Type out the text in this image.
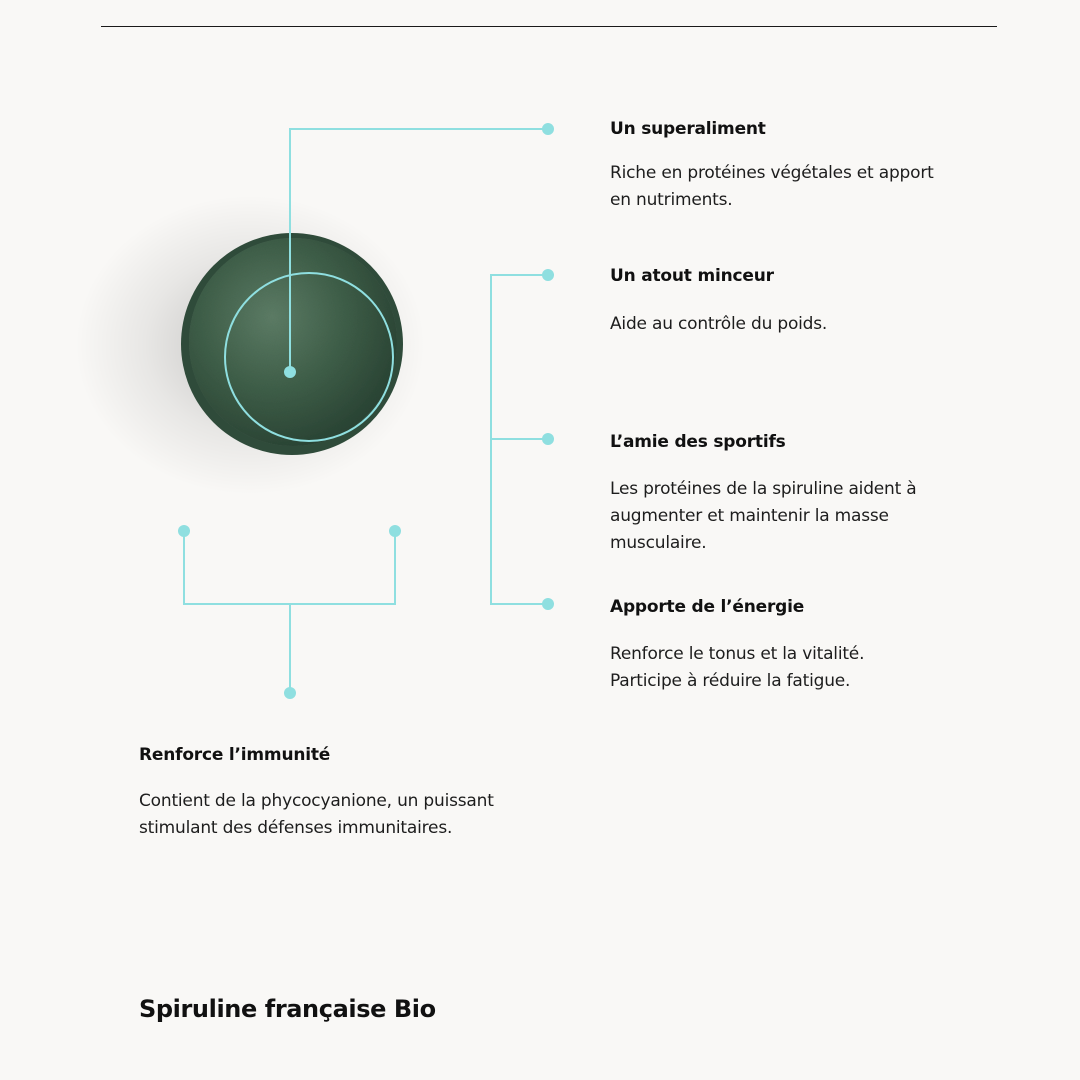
Un superaliment

Riche en protéines végétales et apport

en nutriments.

Un atout minceur

Aide au contrôle du poids.

L’amie des sportifs

Les protéines de la spiruline aident à

augmenter et maintenir la masse

musculaire.

Apporte de l’énergie

Renforce le tonus et la vitalité.

Participe à réduire la fatigue.

Renforce l’immunité

Contient de la phycocyanione, un puissant

stimulant des défenses immunitaires.

Spiruline française Bio
